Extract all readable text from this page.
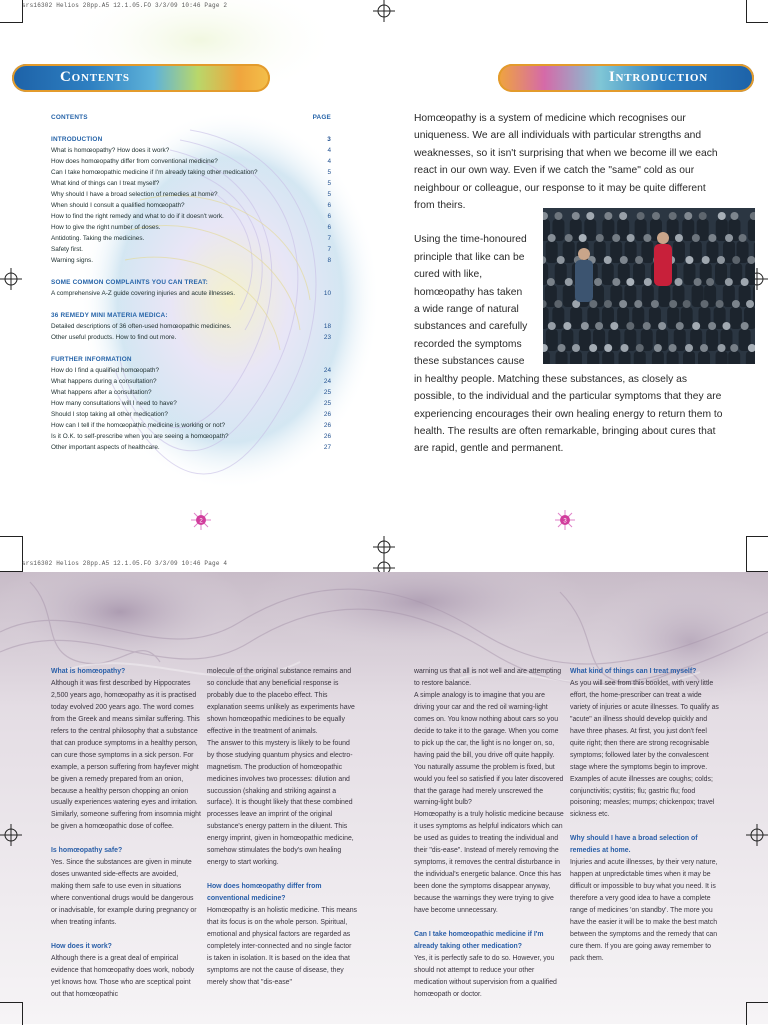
srs16302 Helios 28pp.A5 12.1.05.FO 3/3/09 10:46 Page 2
Contents	Introduction
CONTENTS	PAGE
INTRODUCTION	3
What is homœopathy? How does it work?	4
How does homœopathy differ from conventional medicine?	4
Can I take homœopathic medicine if I'm already taking other medication?	5
What kind of things can I treat myself?	5
Why should I have a broad selection of remedies at home?	5
When should I consult a qualified homœopath?	6
How to find the right remedy and what to do if it doesn't work.	6
How to give the right number of doses.	6
Antidoting. Taking the medicines.	7
Safety first.	7
Warning signs.	8
SOME COMMON COMPLAINTS YOU CAN TREAT:
A comprehensive A-Z guide covering injuries and acute illnesses.	10
36 REMEDY MINI MATERIA MEDICA:
Detailed descriptions of 36 often-used homœopathic medicines.	18
Other useful products. How to find out more.	23
FURTHER INFORMATION
How do I find a qualified homœopath?	24
What happens during a consultation?	24
What happens after a consultation?	25
How many consultations will I need to have?	25
Should I stop taking all other medication?	26
How can I tell if the homœopathic medicine is working or not?	26
Is it O.K. to self-prescribe when you are seeing a homœopath?	26
Other important aspects of healthcare.	27

Homœopathy is a system of medicine which recognises our uniqueness. We are all individuals with particular strengths and weaknesses, so it isn't surprising that when we become ill we each react in our own way. Even if we catch the "same" cold as our neighbour or colleague, our response to it may be quite different from theirs.

Using the time-honoured
principle that like can be
cured with like,
homœopathy has taken
a wide range of natural
substances and carefully
recorded the symptoms
these substances cause

in healthy people. Matching these substances, as closely as possible, to the individual and the particular symptoms that they are experiencing encourages their own healing energy to return them to health. The results are often remarkable, bringing about cures that are rapid, gentle and permanent.

2	3
srs16302 Helios 28pp.A5 12.1.05.FO 3/3/09 10:46 Page 4

What is homœopathy?

Although it was first described by Hippocrates 2,500 years ago, homœopathy as it is practised today evolved 200 years ago. The word comes from the Greek and means similar suffering. This refers to the central philosophy that a substance that can produce symptoms in a healthy person, can cure those symptoms in a sick person. For example, a person suffering from hayfever might be given a remedy prepared from an onion, because a healthy person chopping an onion usually experiences watering eyes and irritation. Similarly, someone suffering from insomnia might be given a homœopathic dose of coffee.

Is homœopathy safe?

Yes. Since the substances are given in minute doses unwanted side-effects are avoided, making them safe to use even in situations where conventional drugs would be dangerous or inadvisable, for example during pregnancy or when treating infants.

How does it work?

Although there is a great deal of empirical evidence that homœopathy does work, nobody yet knows how. Those who are sceptical point out that homœopathic

molecule of the original substance remains and so conclude that any beneficial response is probably due to the placebo effect. This explanation seems unlikely as experiments have shown homœopathic medicines to be equally effective in the treatment of animals.

The answer to this mystery is likely to be found by those studying quantum physics and electro-magnetism. The production of homœopathic medicines involves two processes: dilution and succussion (shaking and striking against a surface). It is thought likely that these combined processes leave an imprint of the original substance's energy pattern in the diluent. This energy imprint, given in homœopathic medicine, somehow stimulates the body's own healing energy to start working.

How does homœopathy differ from conventional medicine?

Homœopathy is an holistic medicine. This means that its focus is on the whole person. Spiritual, emotional and physical factors are regarded as completely inter-connected and no single factor is taken in isolation. It is based on the idea that symptoms are not the cause of disease, they merely show that "dis-ease"

warning us that all is not well and are attempting to restore balance.

A simple analogy is to imagine that you are driving your car and the red oil warning-light comes on. You know nothing about cars so you decide to take it to the garage. When you come to pick up the car, the light is no longer on, so, having paid the bill, you drive off quite happily. You naturally assume the problem is fixed, but would you feel so satisfied if you later discovered that the garage had merely unscrewed the warning-light bulb?

Homœopathy is a truly holistic medicine because it uses symptoms as helpful indicators which can be used as guides to treating the individual and their "dis-ease". Instead of merely removing the symptoms, it removes the central disturbance in the individual's energetic balance. Once this has been done the symptoms disappear anyway, because the warnings they were trying to give have become unnecessary.

Can I take homœopathic medicine if I'm already taking other medication?

Yes, it is perfectly safe to do so. However, you should not attempt to reduce your other medication without supervision from a qualified homœopath or doctor.

What kind of things can I treat myself?

As you will see from this booklet, with very little effort, the home-prescriber can treat a wide variety of injuries or acute illnesses. To qualify as "acute" an illness should develop quickly and have three phases. At first, you just don't feel quite right; then there are strong recognisable symptoms; followed later by the convalescent stage where the symptoms begin to improve. Examples of acute illnesses are coughs; colds; conjunctivitis; cystitis; flu; gastric flu; food poisoning; measles; mumps; chickenpox; travel sickness etc.

Why should I have a broad selection of remedies at home.

Injuries and acute illnesses, by their very nature, happen at unpredictable times when it may be difficult or impossible to buy what you need. It is therefore a very good idea to have a complete range of medicines 'on standby'. The more you have the easier it will be to make the best match between the symptoms and the remedy that can cure them. If you are going away remember to pack them.
